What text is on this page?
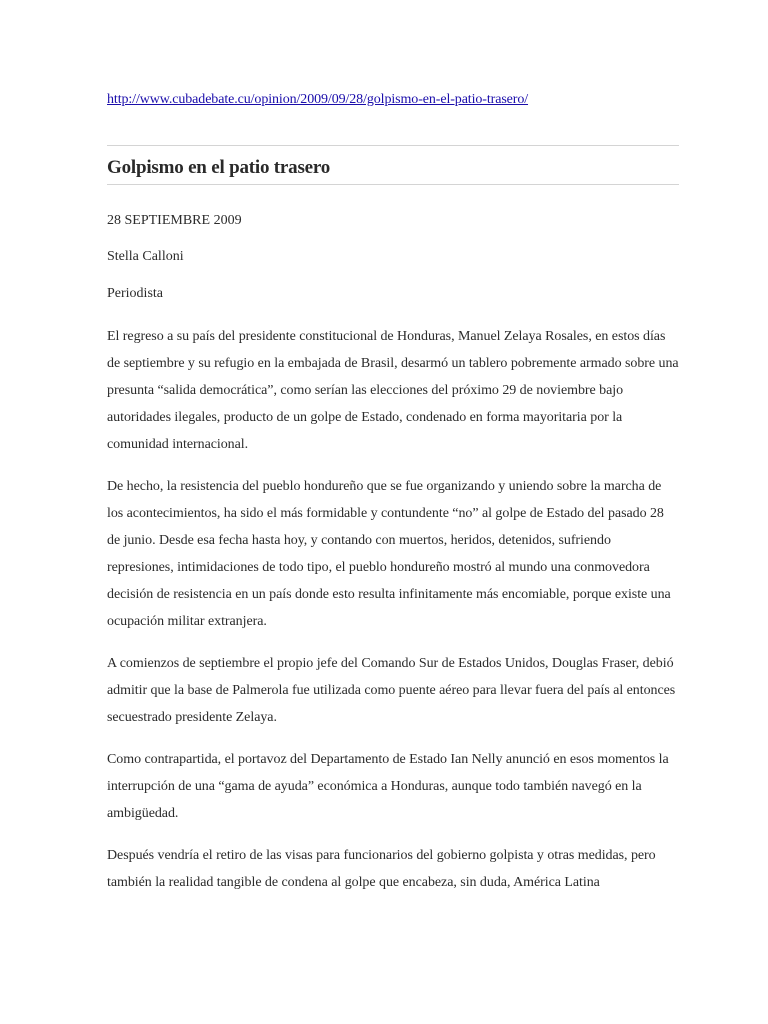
http://www.cubadebate.cu/opinion/2009/09/28/golpismo-en-el-patio-trasero/
Golpismo en el patio trasero

28 SEPTIEMBRE 2009

Stella Calloni

Periodista

El regreso a su país del presidente constitucional de Honduras, Manuel Zelaya Rosales, en estos días de septiembre y su refugio en la embajada de Brasil, desarmó un tablero pobremente armado sobre una presunta “salida democrática”, como serían las elecciones del próximo 29 de noviembre bajo autoridades ilegales, producto de un golpe de Estado, condenado en forma mayoritaria por la comunidad internacional.

De hecho, la resistencia del pueblo hondureño que se fue organizando y uniendo sobre la marcha de los acontecimientos, ha sido el más formidable y contundente “no” al golpe de Estado del pasado 28 de junio. Desde esa fecha hasta hoy, y contando con muertos, heridos, detenidos, sufriendo represiones, intimidaciones de todo tipo, el pueblo hondureño mostró al mundo una conmovedora decisión de resistencia en un país donde esto resulta infinitamente más encomiable, porque existe una ocupación militar extranjera.

A comienzos de septiembre el propio jefe del Comando Sur de Estados Unidos, Douglas Fraser, debió admitir que la base de Palmerola fue utilizada como puente aéreo para llevar fuera del país al entonces secuestrado presidente Zelaya.

Como contrapartida, el portavoz del Departamento de Estado Ian Nelly anunció en esos momentos la interrupción de una “gama de ayuda” económica a Honduras, aunque todo también navegó en la ambigüedad.

Después vendría el retiro de las visas para funcionarios del gobierno golpista y otras medidas, pero también la realidad tangible de condena al golpe que encabeza, sin duda, América Latina
